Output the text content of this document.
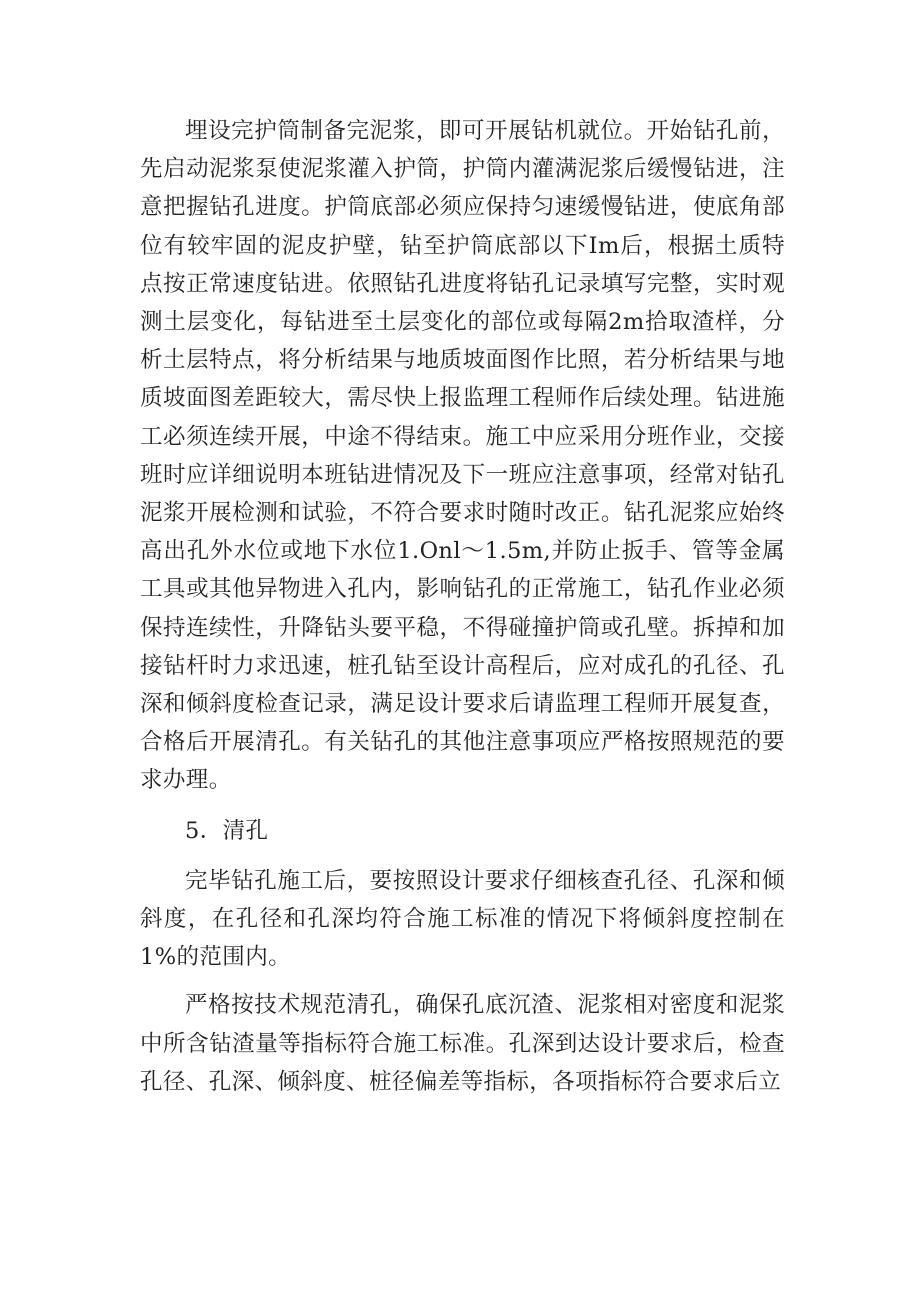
埋设完护筒制备完泥浆，即可开展钻机就位。开始钻孔前，先启动泥浆泵使泥浆灌入护筒，护筒内灌满泥浆后缓慢钻进，注意把握钻孔进度。护筒底部必须应保持匀速缓慢钻进，使底角部位有较牢固的泥皮护壁，钻至护筒底部以下Im后，根据土质特点按正常速度钻进。依照钻孔进度将钻孔记录填写完整，实时观测土层变化，每钻进至土层变化的部位或每隔2m拾取渣样，分析土层特点，将分析结果与地质坡面图作比照，若分析结果与地质坡面图差距较大，需尽快上报监理工程师作后续处理。钻进施工必须连续开展，中途不得结束。施工中应采用分班作业，交接班时应详细说明本班钻进情况及下一班应注意事项，经常对钻孔泥浆开展检测和试验，不符合要求时随时改正。钻孔泥浆应始终高出孔外水位或地下水位1.Onl～1.5m,并防止扳手、管等金属工具或其他异物进入孔内，影响钻孔的正常施工，钻孔作业必须保持连续性，升降钻头要平稳，不得碰撞护筒或孔壁。拆掉和加接钻杆时力求迅速，桩孔钻至设计高程后，应对成孔的孔径、孔深和倾斜度检查记录，满足设计要求后请监理工程师开展复查，合格后开展清孔。有关钻孔的其他注意事项应严格按照规范的要求办理。

5．清孔

完毕钻孔施工后，要按照设计要求仔细核查孔径、孔深和倾斜度，在孔径和孔深均符合施工标准的情况下将倾斜度控制在1%的范围内。

严格按技术规范清孔，确保孔底沉渣、泥浆相对密度和泥浆中所含钻渣量等指标符合施工标准。孔深到达设计要求后，检查孔径、孔深、倾斜度、桩径偏差等指标，各项指标符合要求后立
